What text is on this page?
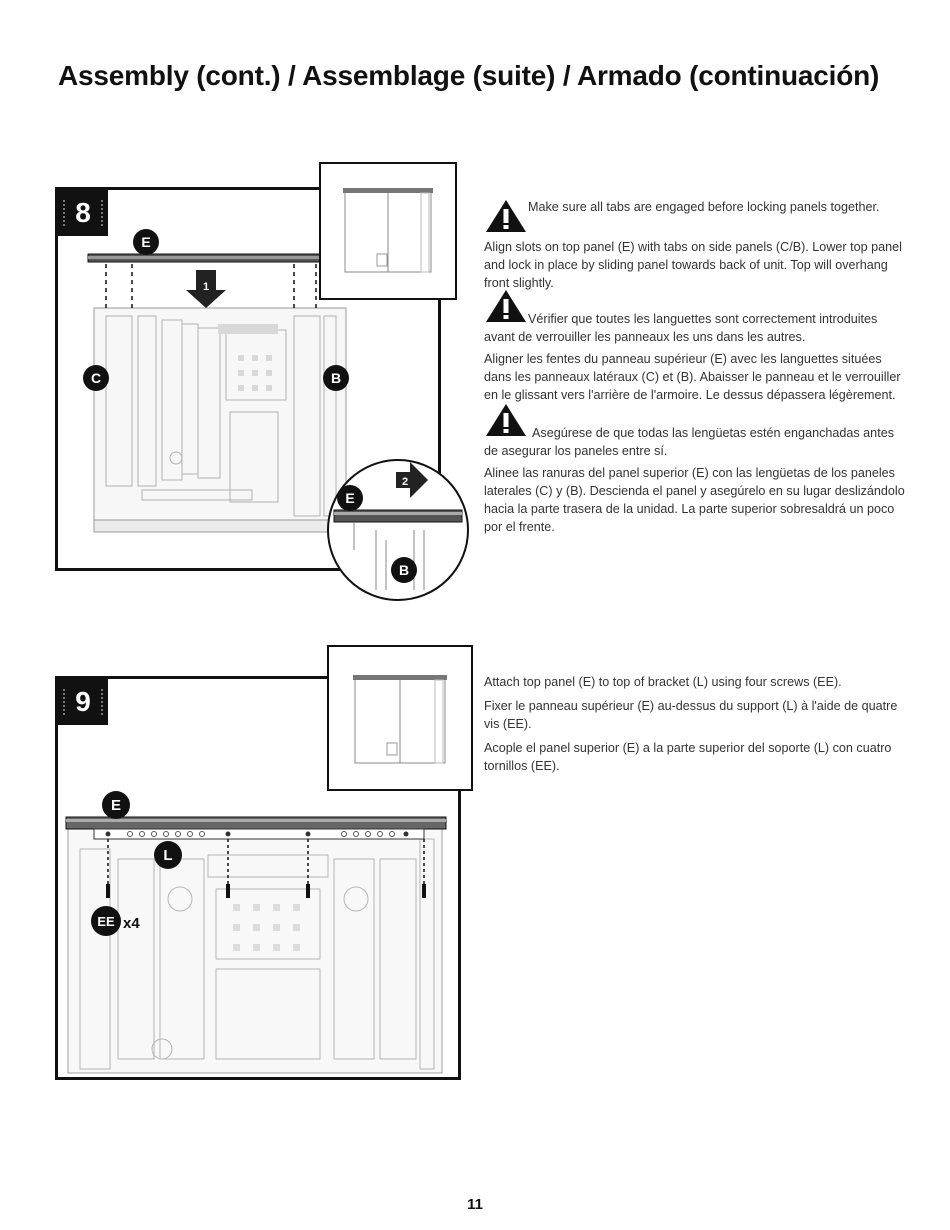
Assembly (cont.) / Assemblage (suite) / Armado (continuación)
1
E
C	B
2
E
B
8	Make sure all tabs are engaged before locking panels together.

Align slots on top panel (E) with tabs on side panels (C/B). Lower top panel and lock in place by sliding panel towards back of unit. Top will overhang front slightly.

Vérifier que toutes les languettes sont correctement introduites avant de verrouiller les panneaux les uns dans les autres.

Aligner les fentes du panneau supérieur (E) avec les languettes situées dans les panneaux latéraux (C) et (B). Abaisser le panneau et le verrouiller en le glissant vers l'arrière de l'armoire. Le dessus dépassera légèrement.

Asegúrese de que todas las lengüetas estén enganchadas antes de asegurar los paneles entre sí.

Alinee las ranuras del panel superior (E) con las lengüetas de los paneles laterales (C) y (B). Descienda el panel y asegúrelo en su lugar deslizándolo hacia la parte trasera de la unidad. La parte superior sobresaldrá un poco por el frente.

E
L
EE x4
9

Attach top panel (E) to top of bracket (L) using four screws (EE).

Fixer le panneau supérieur (E) au-dessus du support (L) à l'aide de quatre vis (EE).

Acople el panel superior (E) a la parte superior del soporte (L) con cuatro tornillos (EE).

11
